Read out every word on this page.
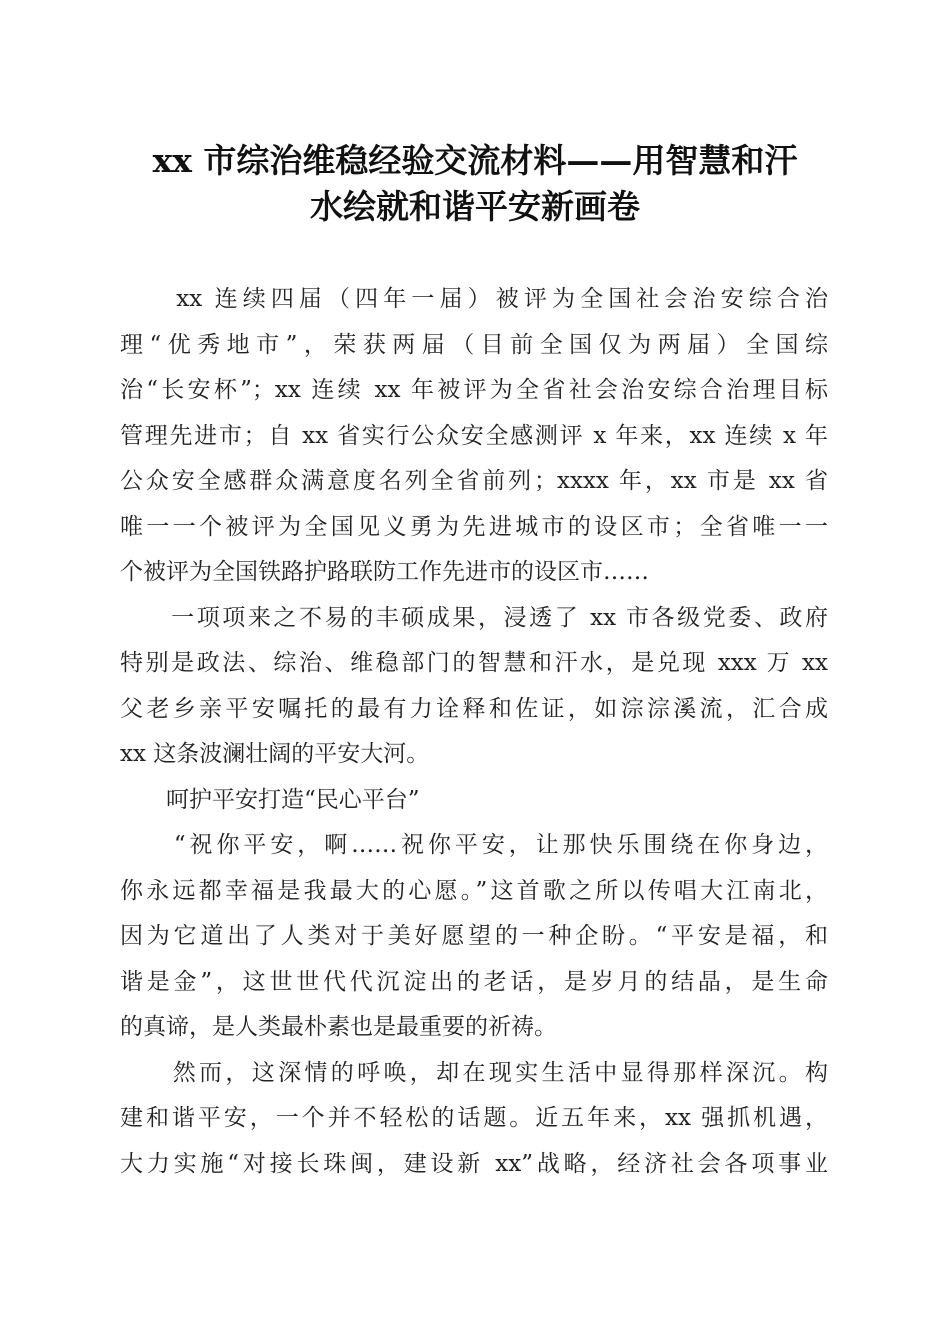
xx 市综治维稳经验交流材料——用智慧和汗
水绘就和谐平安新画卷

　　xx 连续四届（四年一届）被评为全国社会治安综合治
理“优秀地市”，荣获两届（目前全国仅为两届）全国综
治“长安杯”；xx 连续 xx 年被评为全省社会治安综合治理目标
管理先进市；自 xx 省实行公众安全感测评 x 年来，xx 连续 x 年
公众安全感群众满意度名列全省前列；xxxx 年，xx 市是 xx 省
唯一一个被评为全国见义勇为先进城市的设区市；全省唯一一
个被评为全国铁路护路联防工作先进市的设区市……

　　一项项来之不易的丰硕成果，浸透了 xx 市各级党委、政府
特别是政法、综治、维稳部门的智慧和汗水，是兑现 xxx 万 xx
父老乡亲平安嘱托的最有力诠释和佐证，如淙淙溪流，汇合成
xx 这条波澜壮阔的平安大河。

　　呵护平安打造“民心平台”

　　“祝你平安，啊……祝你平安，让那快乐围绕在你身边，
你永远都幸福是我最大的心愿。”这首歌之所以传唱大江南北，
因为它道出了人类对于美好愿望的一种企盼。“平安是福，和
谐是金”，这世世代代沉淀出的老话，是岁月的结晶，是生命
的真谛，是人类最朴素也是最重要的祈祷。

　　然而，这深情的呼唤，却在现实生活中显得那样深沉。构
建和谐平安，一个并不轻松的话题。近五年来，xx 强抓机遇，
大力实施“对接长珠闽，建设新 xx”战略，经济社会各项事业
